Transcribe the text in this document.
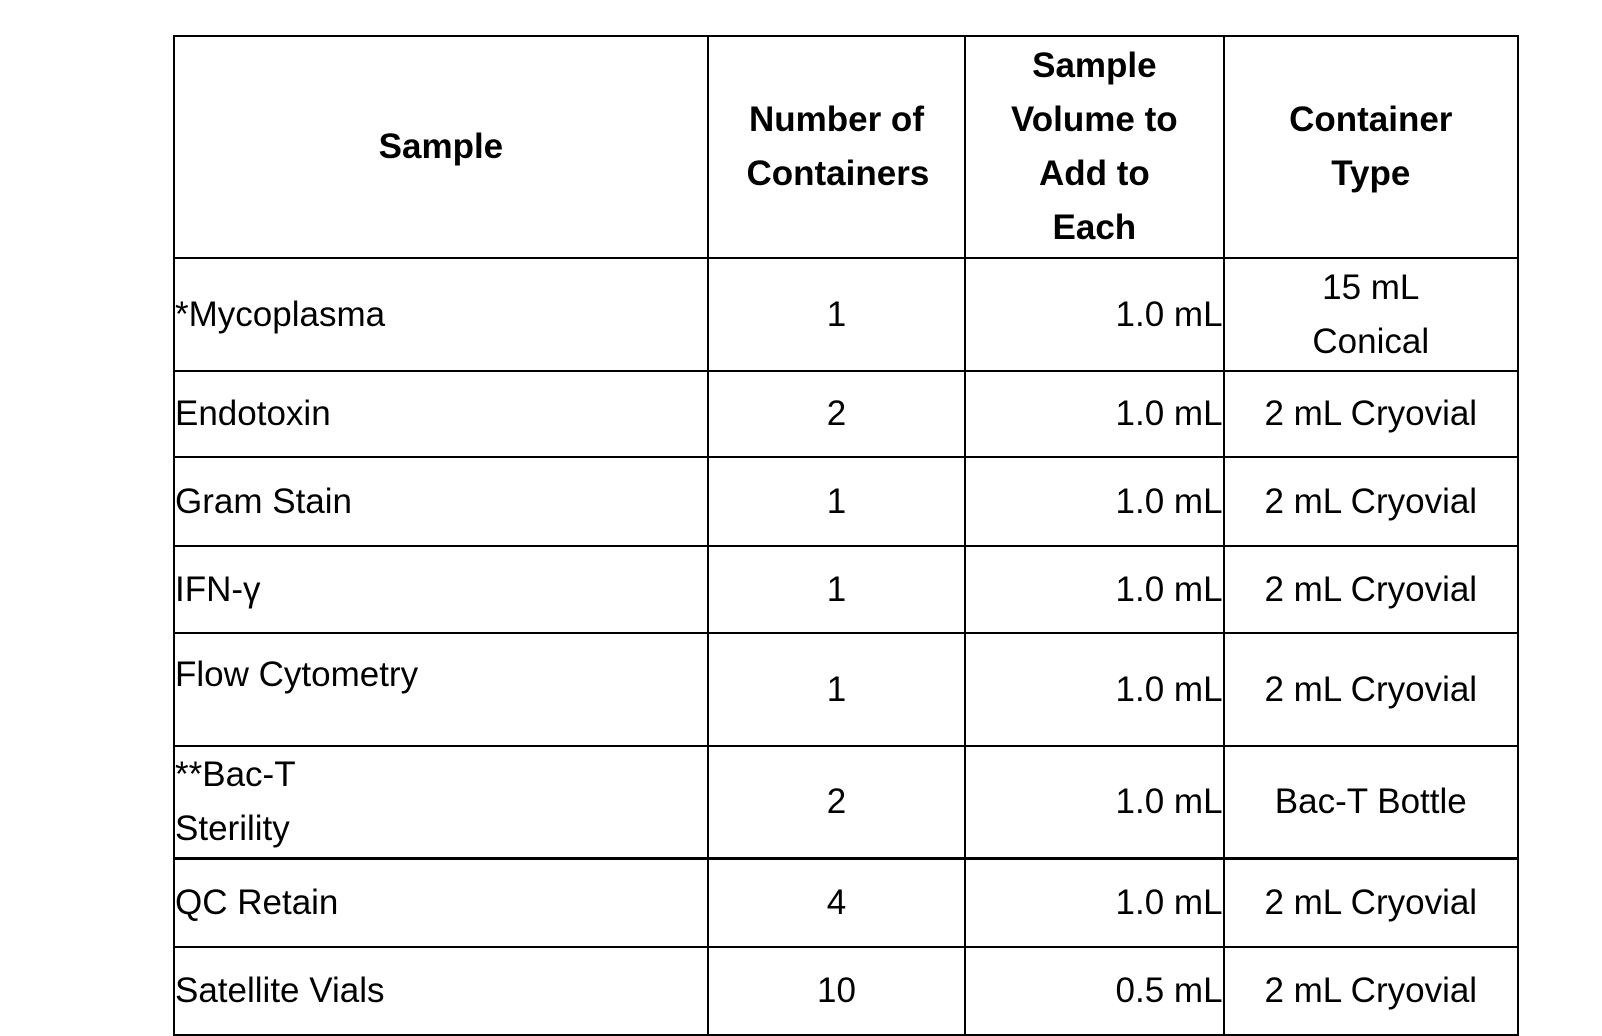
Sample	Number of Containers	Sample Volume to Add to Each	Container Type
*Mycoplasma	1	1.0 mL	15 mL Conical
Endotoxin	2	1.0 mL	2 mL Cryovial
Gram Stain	1	1.0 mL	2 mL Cryovial
IFN-γ	1	1.0 mL	2 mL Cryovial

Flow Cytometry	1	1.0 mL	2 mL Cryovial

**Bac-T Sterility	2	1.0 mL	Bac-T Bottle
QC Retain	4	1.0 mL	2 mL Cryovial
Satellite Vials	10	0.5 mL	2 mL Cryovial
